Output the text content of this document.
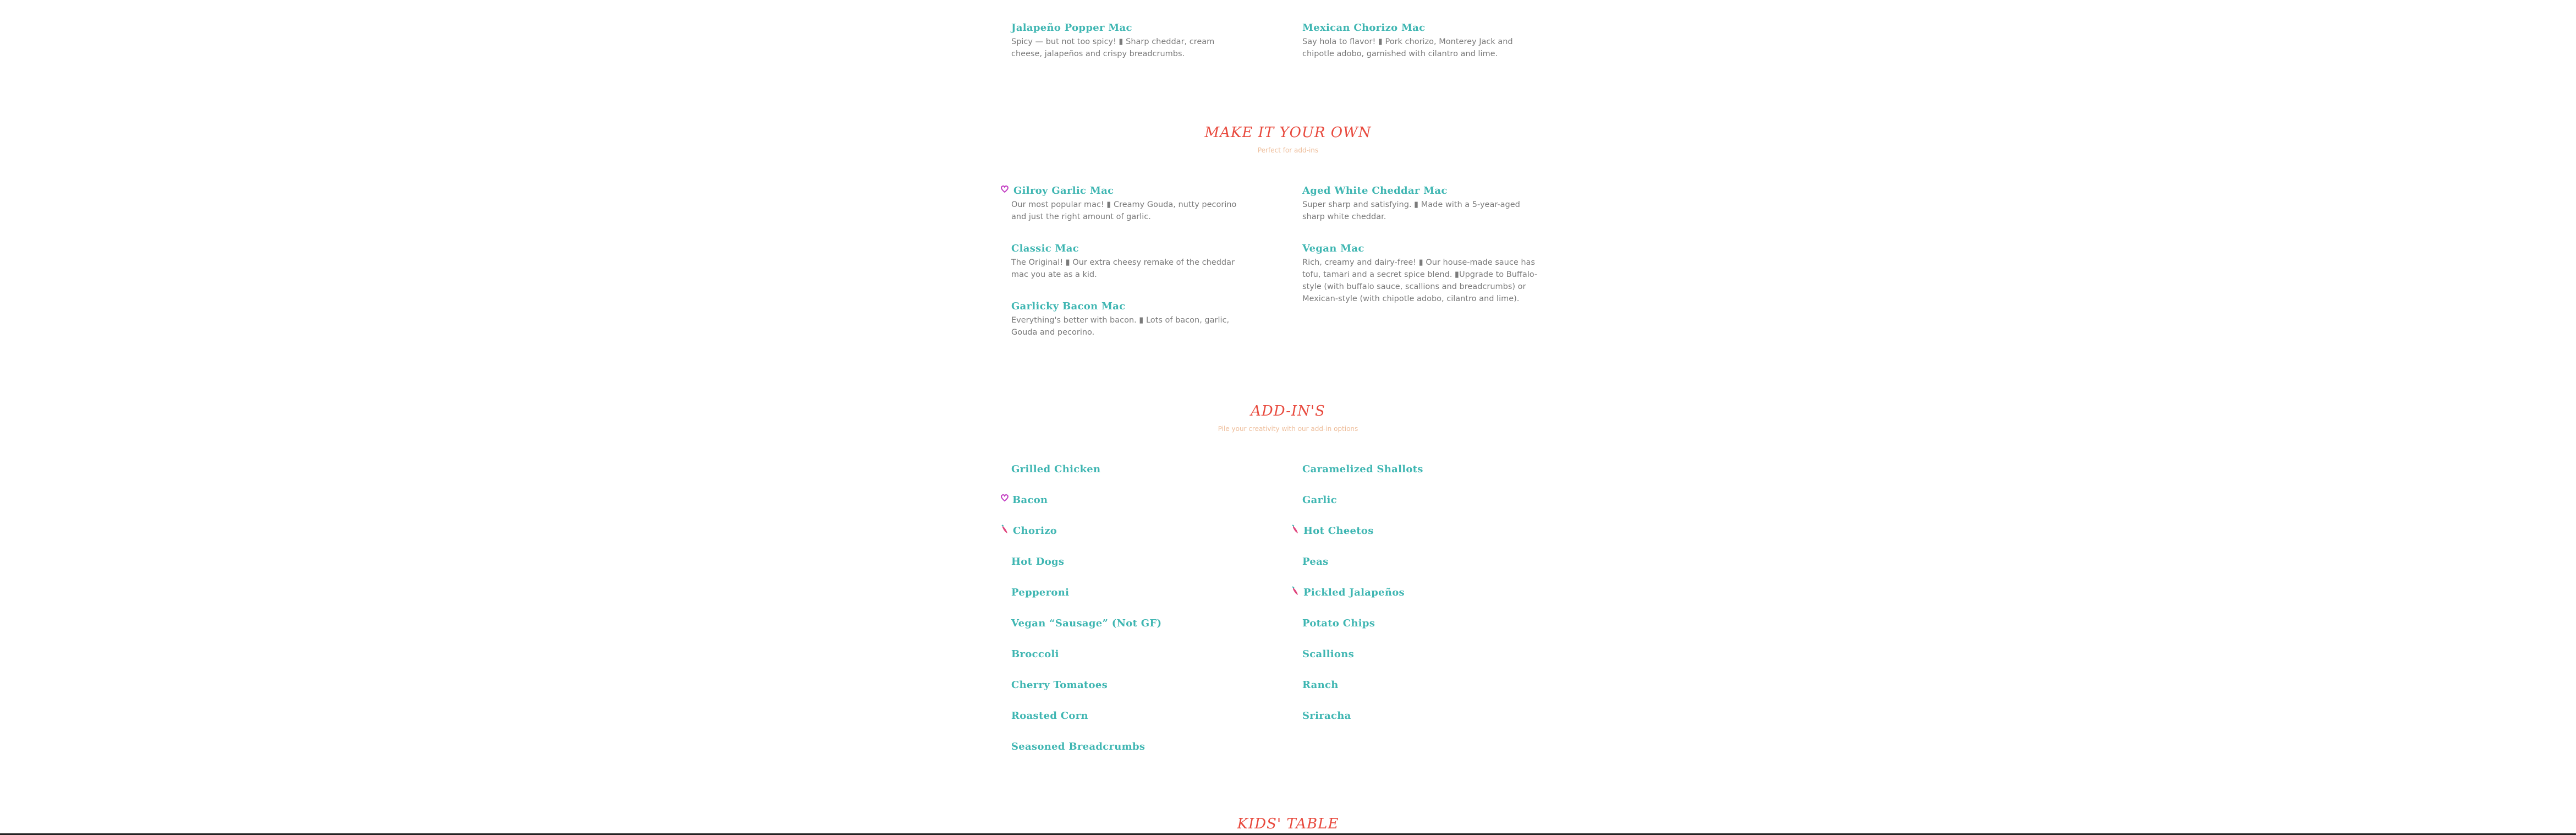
Jalapeño Popper Mac
Spicy — but not too spicy! ▮ Sharp cheddar, cream cheese, jalapeños and crispy breadcrumbs.
Mexican Chorizo Mac
Say hola to flavor! ▮ Pork chorizo, Monterey Jack and chipotle adobo, garnished with cilantro and lime.
MAKE IT YOUR OWN
Perfect for add-ins
Gilroy Garlic Mac
Our most popular mac! ▮ Creamy Gouda, nutty pecorino and just the right amount of garlic.
Classic Mac
The Original! ▮ Our extra cheesy remake of the cheddar mac you ate as a kid.
Garlicky Bacon Mac
Everything's better with bacon. ▮ Lots of bacon, garlic, Gouda and pecorino.
Aged White Cheddar Mac
Super sharp and satisfying. ▮ Made with a 5-year-aged sharp white cheddar.
Vegan Mac
Rich, creamy and dairy-free! ▮ Our house-made sauce has tofu, tamari and a secret spice blend. ▮Upgrade to Buffalo-style (with buffalo sauce, scallions and breadcrumbs) or Mexican-style (with chipotle adobo, cilantro and lime).
ADD-IN'S
Pile your creativity with our add-in options
Grilled Chicken
Bacon
Chorizo
Hot Dogs
Pepperoni
Vegan “Sausage” (Not GF)
Broccoli
Cherry Tomatoes
Roasted Corn
Seasoned Breadcrumbs
Caramelized Shallots
Garlic
Hot Cheetos
Peas
Pickled Jalapeños
Potato Chips
Scallions
Ranch
Sriracha
KIDS' TABLE
